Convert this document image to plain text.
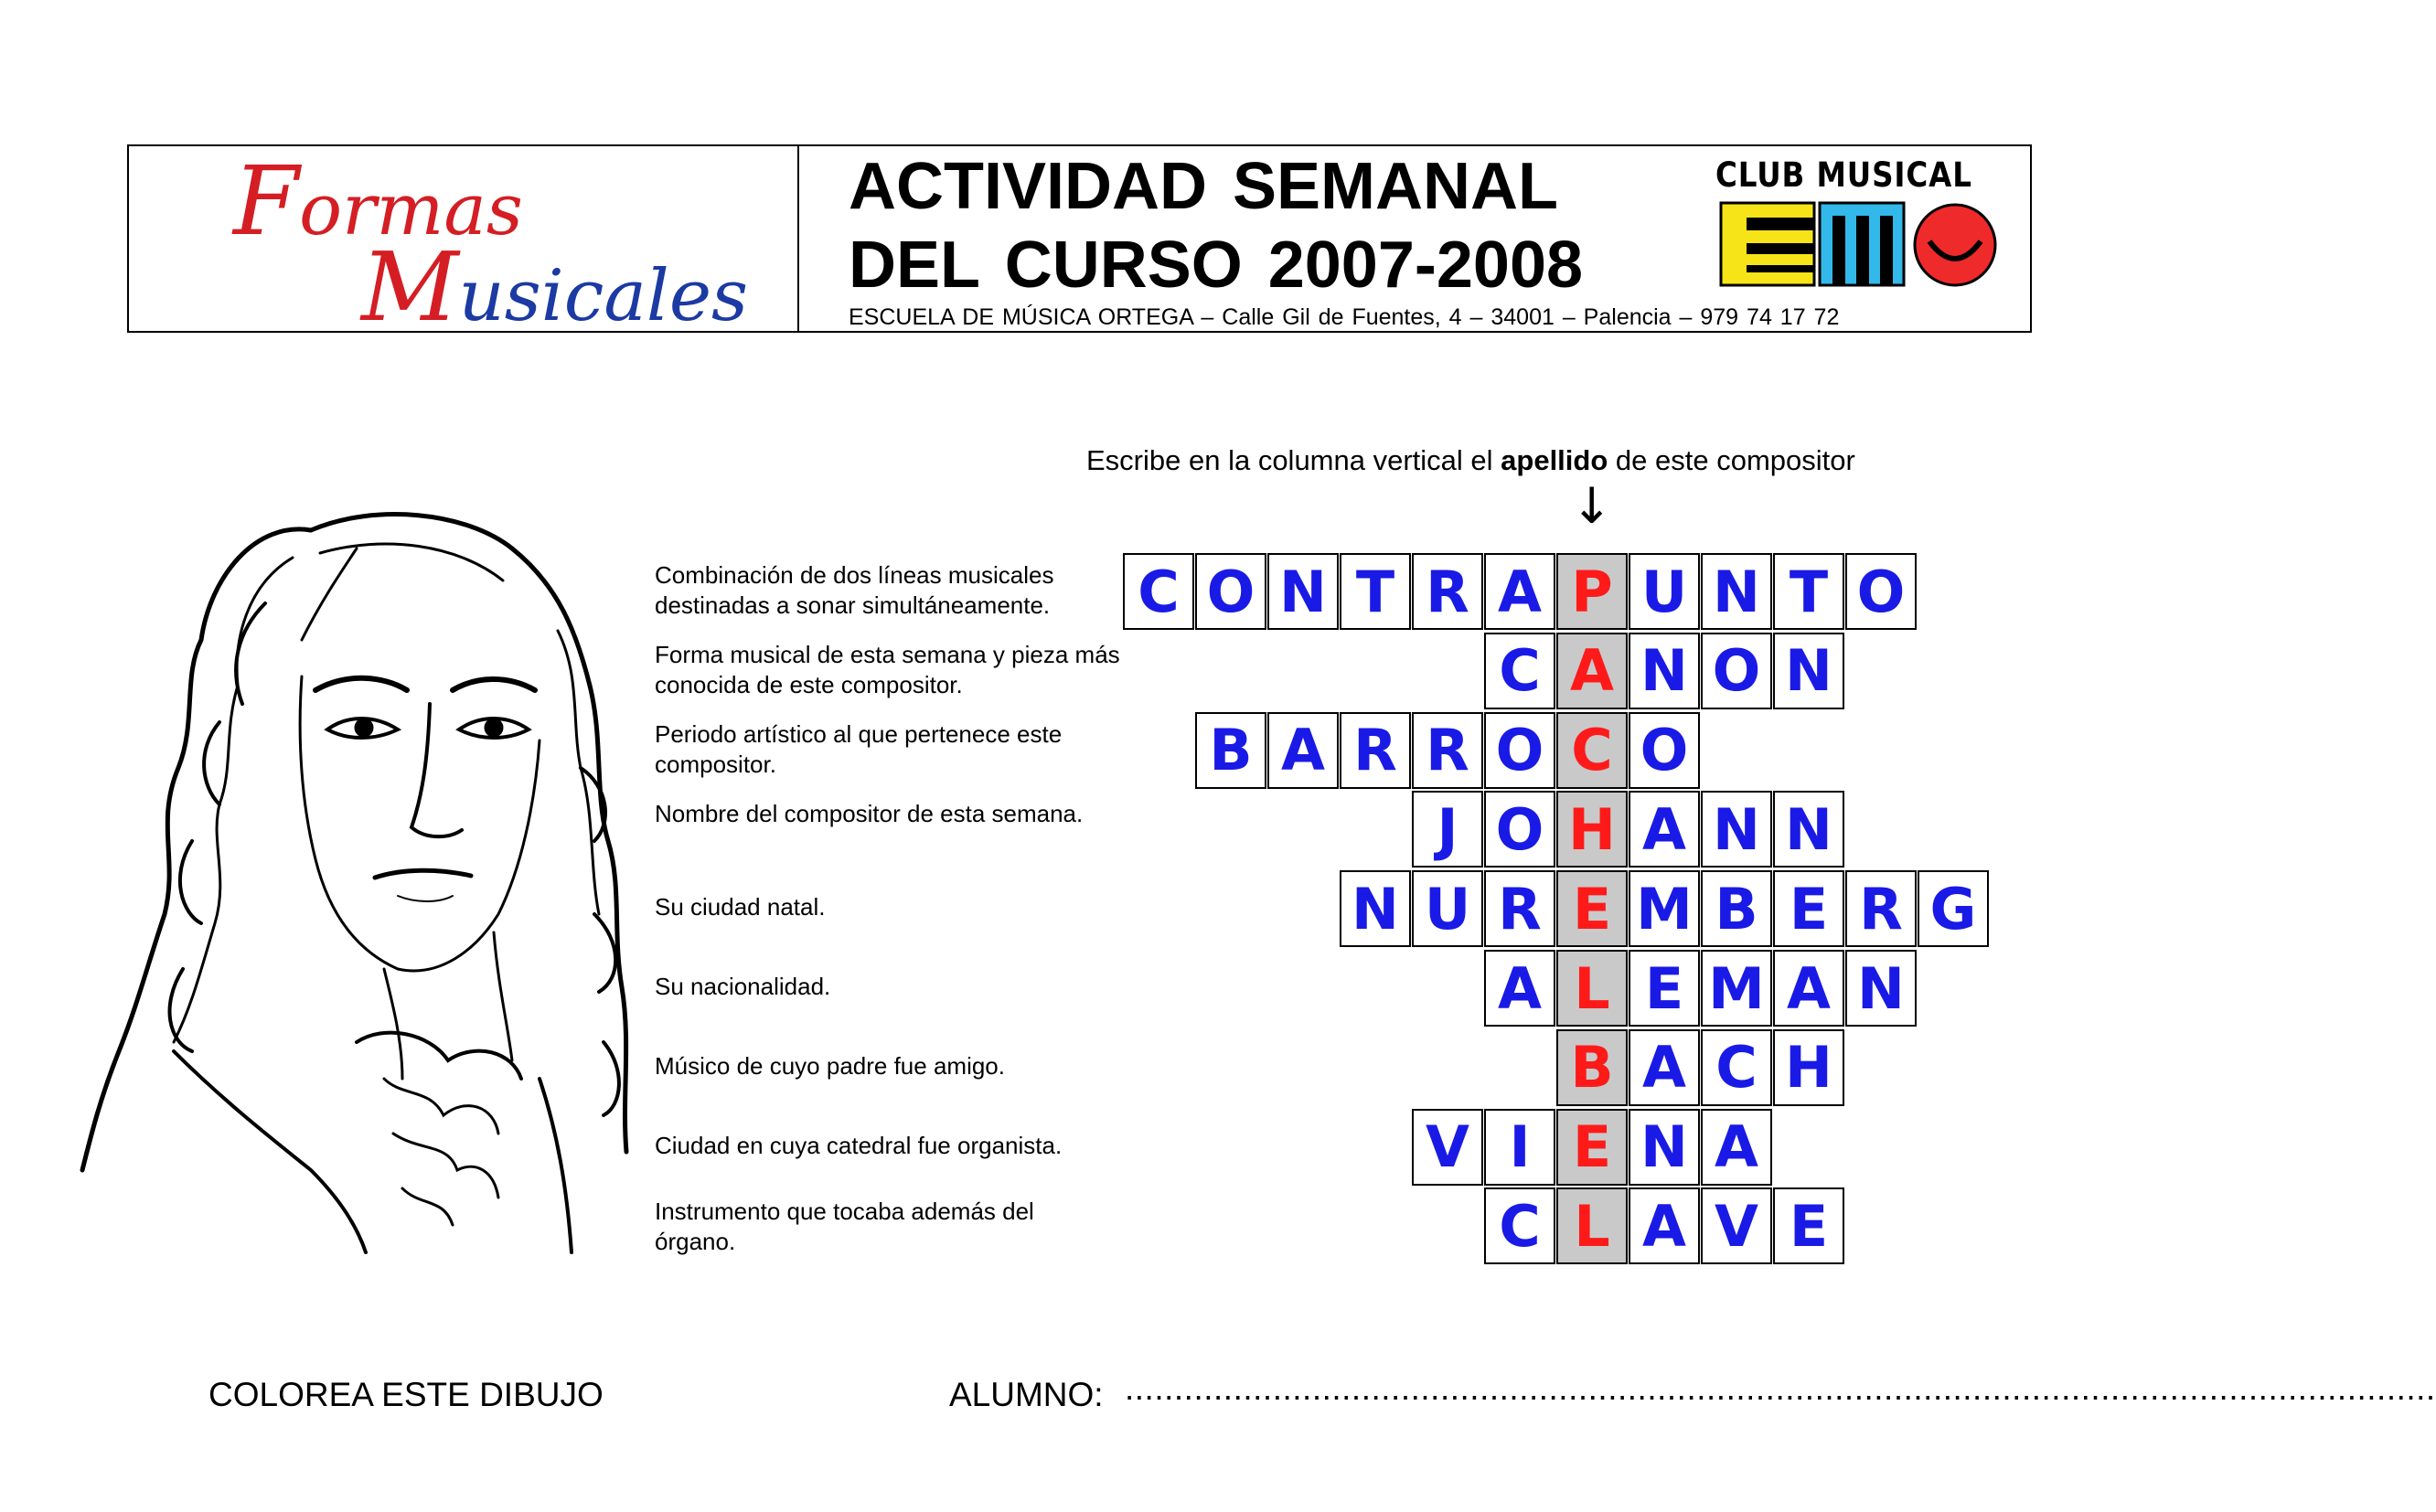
Formas
Musicales
ACTIVIDAD SEMANAL
DEL CURSO 2007-2008
ESCUELA DE MÚSICA ORTEGA – Calle Gil de Fuentes, 4 – 34001 – Palencia – 979 74 17 72
CLUB MUSICAL
Escribe en la columna vertical el apellido de este compositor
↓
Combinación de dos líneas musicales destinadas a sonar simultáneamente.
Forma musical de esta semana y pieza más conocida de este compositor.
Periodo artístico al que pertenece este compositor.
Nombre del compositor de esta semana.
Su ciudad natal.
Su nacionalidad.
Músico de cuyo padre fue amigo.
Ciudad en cuya catedral fue organista.
Instrumento que tocaba además del órgano.
C O N T R A P U N T O
C A N O N
B A R R O C O
J O H A N N
N U R E M B E R G
A L E M A N
B A C H
V I E N A
C L A V E
COLOREA ESTE DIBUJO	ALUMNO: .....................................................................................................................................
